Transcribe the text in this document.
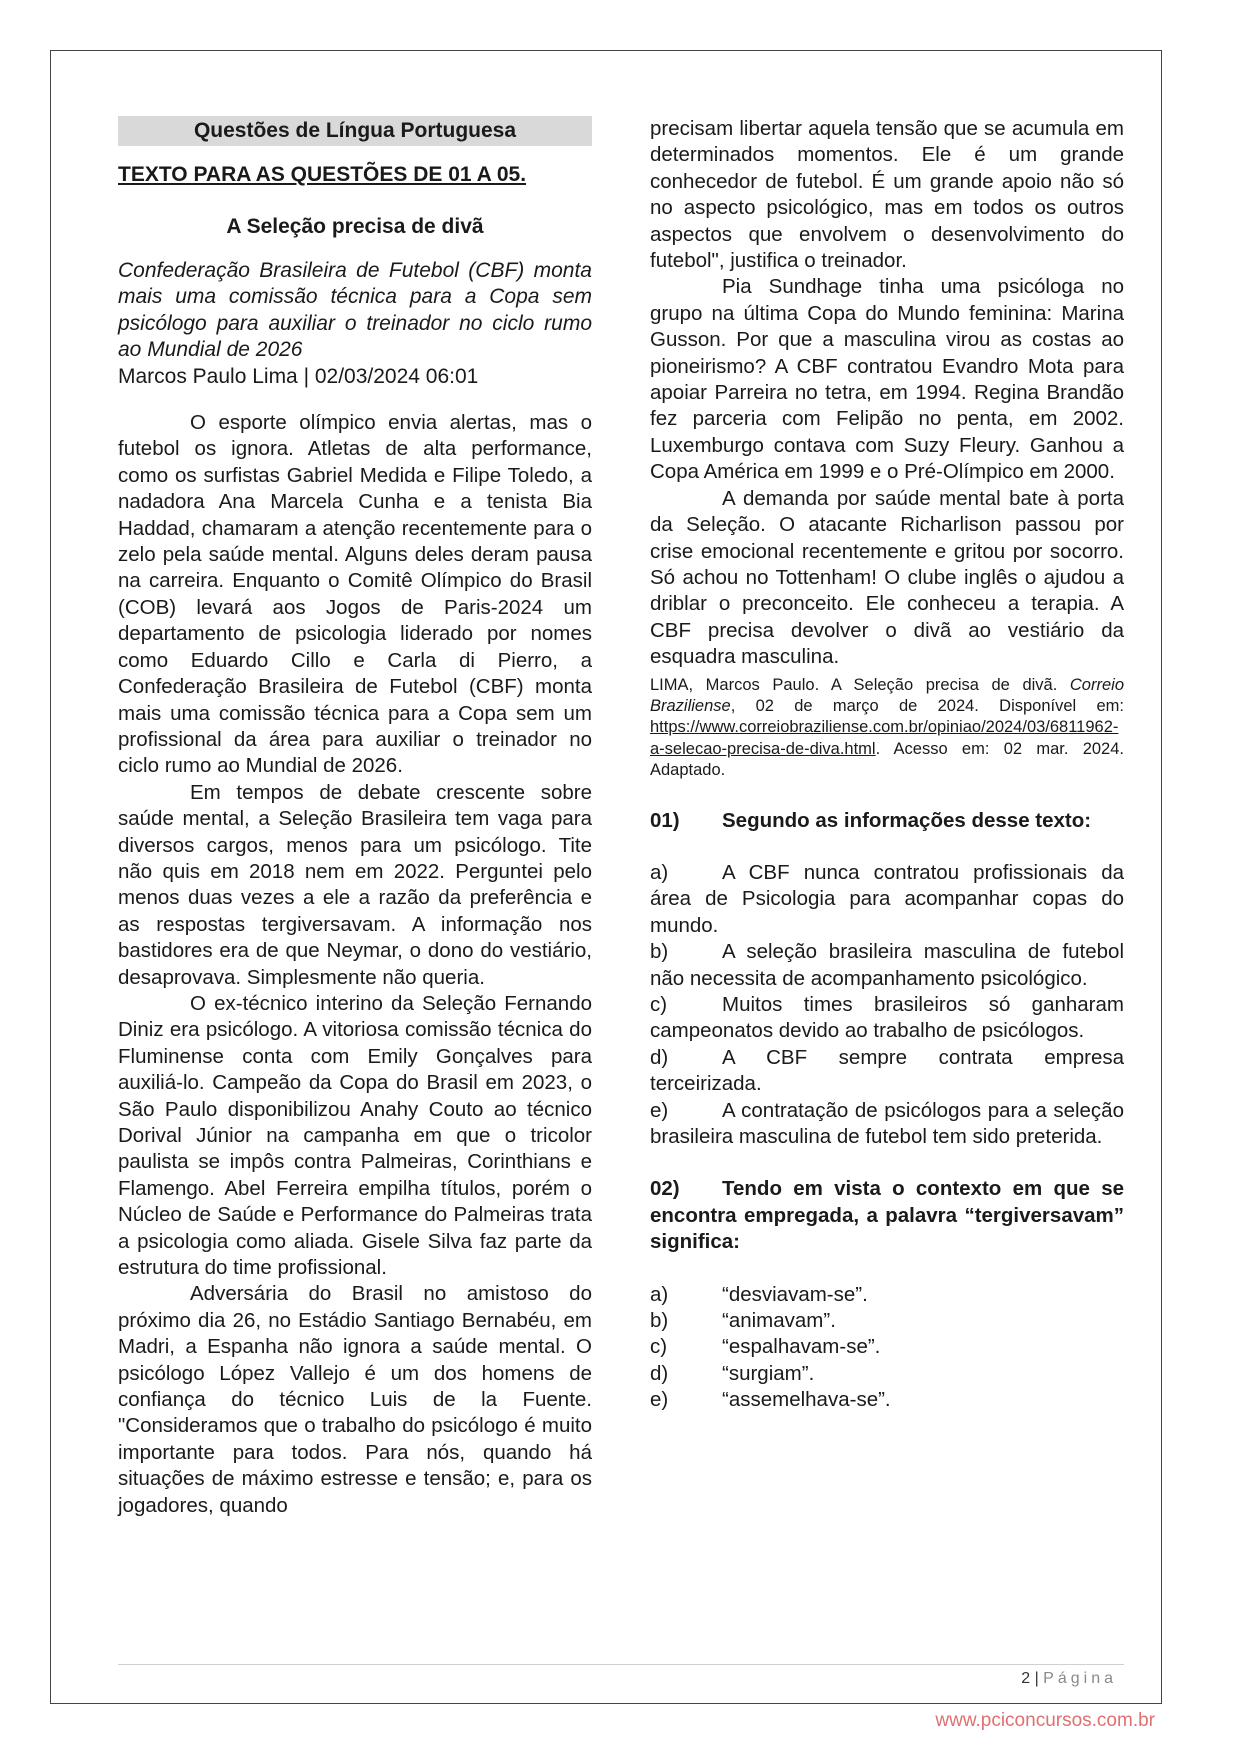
Questões de Língua Portuguesa
TEXTO PARA AS QUESTÕES DE 01 A 05.
A Seleção precisa de divã

Confederação Brasileira de Futebol (CBF) monta mais uma comissão técnica para a Copa sem psicólogo para auxiliar o treinador no ciclo rumo ao Mundial de 2026

Marcos Paulo Lima | 02/03/2024 06:01

O esporte olímpico envia alertas, mas o futebol os ignora. Atletas de alta performance, como os surfistas Gabriel Medida e Filipe Toledo, a nadadora Ana Marcela Cunha e a tenista Bia Haddad, chamaram a atenção recentemente para o zelo pela saúde mental. Alguns deles deram pausa na carreira. Enquanto o Comitê Olímpico do Brasil (COB) levará aos Jogos de Paris-2024 um departamento de psicologia liderado por nomes como Eduardo Cillo e Carla di Pierro, a Confederação Brasileira de Futebol (CBF) monta mais uma comissão técnica para a Copa sem um profissional da área para auxiliar o treinador no ciclo rumo ao Mundial de 2026.

Em tempos de debate crescente sobre saúde mental, a Seleção Brasileira tem vaga para diversos cargos, menos para um psicólogo. Tite não quis em 2018 nem em 2022. Perguntei pelo menos duas vezes a ele a razão da preferência e as respostas tergiversavam. A informação nos bastidores era de que Neymar, o dono do vestiário, desaprovava. Simplesmente não queria.

O ex-técnico interino da Seleção Fernando Diniz era psicólogo. A vitoriosa comissão técnica do Fluminense conta com Emily Gonçalves para auxiliá-lo. Campeão da Copa do Brasil em 2023, o São Paulo disponibilizou Anahy Couto ao técnico Dorival Júnior na campanha em que o tricolor paulista se impôs contra Palmeiras, Corinthians e Flamengo. Abel Ferreira empilha títulos, porém o Núcleo de Saúde e Performance do Palmeiras trata a psicologia como aliada. Gisele Silva faz parte da estrutura do time profissional.

Adversária do Brasil no amistoso do próximo dia 26, no Estádio Santiago Bernabéu, em Madri, a Espanha não ignora a saúde mental. O psicólogo López Vallejo é um dos homens de confiança do técnico Luis de la Fuente. "Consideramos que o trabalho do psicólogo é muito importante para todos. Para nós, quando há situações de máximo estresse e tensão; e, para os jogadores, quando

precisam libertar aquela tensão que se acumula em determinados momentos. Ele é um grande conhecedor de futebol. É um grande apoio não só no aspecto psicológico, mas em todos os outros aspectos que envolvem o desenvolvimento do futebol", justifica o treinador.

Pia Sundhage tinha uma psicóloga no grupo na última Copa do Mundo feminina: Marina Gusson. Por que a masculina virou as costas ao pioneirismo? A CBF contratou Evandro Mota para apoiar Parreira no tetra, em 1994. Regina Brandão fez parceria com Felipão no penta, em 2002. Luxemburgo contava com Suzy Fleury. Ganhou a Copa América em 1999 e o Pré-Olímpico em 2000.

A demanda por saúde mental bate à porta da Seleção. O atacante Richarlison passou por crise emocional recentemente e gritou por socorro. Só achou no Tottenham! O clube inglês o ajudou a driblar o preconceito. Ele conheceu a terapia. A CBF precisa devolver o divã ao vestiário da esquadra masculina.

LIMA, Marcos Paulo. A Seleção precisa de divã. Correio Braziliense, 02 de março de 2024. Disponível em: https://www.correiobraziliense.com.br/opiniao/2024/03/6811962-a-selecao-precisa-de-diva.html. Acesso em: 02 mar. 2024. Adaptado.

01) Segundo as informações desse texto:

a)	A CBF nunca contratou profissionais da área de Psicologia para acompanhar copas do mundo.

b)	A seleção brasileira masculina de futebol não necessita de acompanhamento psicológico.

c)	Muitos times brasileiros só ganharam campeonatos devido ao trabalho de psicólogos.

d)	A CBF sempre contrata empresa terceirizada.

e)	A contratação de psicólogos para a seleção brasileira masculina de futebol tem sido preterida.

02) Tendo em vista o contexto em que se encontra empregada, a palavra “tergiversavam” significa:

a)	“desviavam-se”.

b)	“animavam”.

c)	“espalhavam-se”.

d)	“surgiam”.

e)	“assemelhava-se”.

2 | Página
www.pciconcursos.com.br
